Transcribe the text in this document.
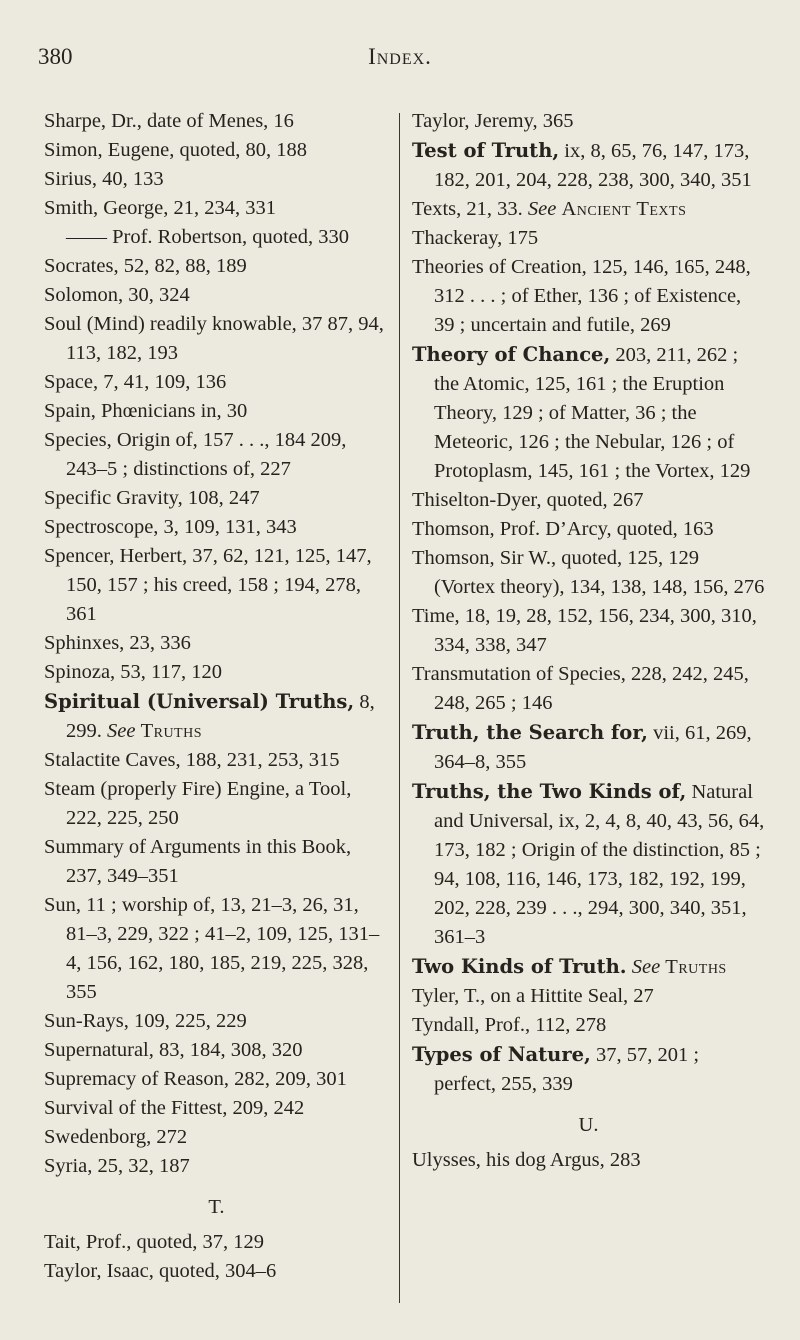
380	Index.
Sharpe, Dr., date of Menes, 16
Simon, Eugene, quoted, 80, 188
Sirius, 40, 133
Smith, George, 21, 234, 331
—— Prof. Robertson, quoted, 330
Socrates, 52, 82, 88, 189
Solomon, 30, 324
Soul (Mind) readily knowable, 37 87, 94, 113, 182, 193
Space, 7, 41, 109, 136
Spain, Phœnicians in, 30
Species, Origin of, 157 . . ., 184 209, 243–5 ; distinctions of, 227
Specific Gravity, 108, 247
Spectroscope, 3, 109, 131, 343
Spencer, Herbert, 37, 62, 121, 125, 147, 150, 157 ; his creed, 158 ; 194, 278, 361
Sphinxes, 23, 336
Spinoza, 53, 117, 120
Spiritual (Universal) Truths, 8, 299. See Truths
Stalactite Caves, 188, 231, 253, 315
Steam (properly Fire) Engine, a Tool, 222, 225, 250
Summary of Arguments in this Book, 237, 349–351
Sun, 11 ; worship of, 13, 21–3, 26, 31, 81–3, 229, 322 ; 41–2, 109, 125, 131–4, 156, 162, 180, 185, 219, 225, 328, 355
Sun-Rays, 109, 225, 229
Supernatural, 83, 184, 308, 320
Supremacy of Reason, 282, 209, 301
Survival of the Fittest, 209, 242
Swedenborg, 272
Syria, 25, 32, 187
T.
Tait, Prof., quoted, 37, 129
Taylor, Isaac, quoted, 304–6
Taylor, Jeremy, 365
Test of Truth, ix, 8, 65, 76, 147, 173, 182, 201, 204, 228, 238, 300, 340, 351
Texts, 21, 33. See Ancient Texts
Thackeray, 175
Theories of Creation, 125, 146, 165, 248, 312 . . . ; of Ether, 136 ; of Existence, 39 ; uncertain and futile, 269
Theory of Chance, 203, 211, 262 ; the Atomic, 125, 161 ; the Eruption Theory, 129 ; of Matter, 36 ; the Meteoric, 126 ; the Nebular, 126 ; of Protoplasm, 145, 161 ; the Vortex, 129
Thiselton-Dyer, quoted, 267
Thomson, Prof. D’Arcy, quoted, 163
Thomson, Sir W., quoted, 125, 129 (Vortex theory), 134, 138, 148, 156, 276
Time, 18, 19, 28, 152, 156, 234, 300, 310, 334, 338, 347
Transmutation of Species, 228, 242, 245, 248, 265 ; 146
Truth, the Search for, vii, 61, 269, 364–8, 355
Truths, the Two Kinds of, Natural and Universal, ix, 2, 4, 8, 40, 43, 56, 64, 173, 182 ; Origin of the distinction, 85 ; 94, 108, 116, 146, 173, 182, 192, 199, 202, 228, 239 . . ., 294, 300, 340, 351, 361–3
Two Kinds of Truth. See Truths
Tyler, T., on a Hittite Seal, 27
Tyndall, Prof., 112, 278
Types of Nature, 37, 57, 201 ; perfect, 255, 339
U.
Ulysses, his dog Argus, 283
